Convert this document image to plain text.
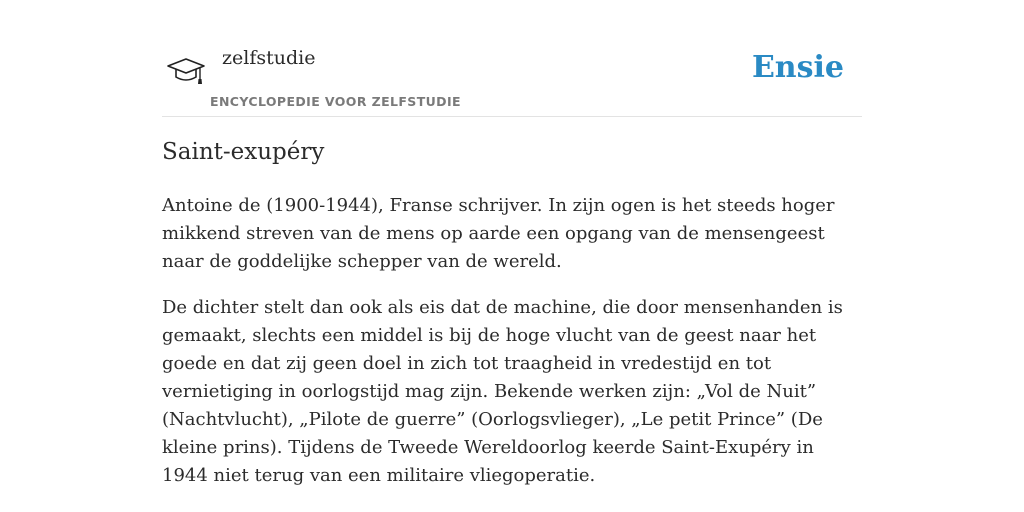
zelfstudie
ENCYCLOPEDIE VOOR ZELFSTUDIE
Ensie
Saint-exupéry

Antoine de (1900-1944), Franse schrijver. In zijn ogen is het steeds hoger mikkend streven van de mens op aarde een opgang van de mensengeest naar de goddelijke schepper van de wereld.

De dichter stelt dan ook als eis dat de machine, die door mensenhanden is gemaakt, slechts een middel is bij de hoge vlucht van de geest naar het goede en dat zij geen doel in zich tot traagheid in vredestijd en tot vernietiging in oorlogstijd mag zijn. Bekende werken zijn: „Vol de Nuit” (Nachtvlucht), „Pilote de guerre” (Oorlogsvlieger), „Le petit Prince” (De kleine prins). Tijdens de Tweede Wereldoorlog keerde Saint-Exupéry in 1944 niet terug van een militaire vliegoperatie.
